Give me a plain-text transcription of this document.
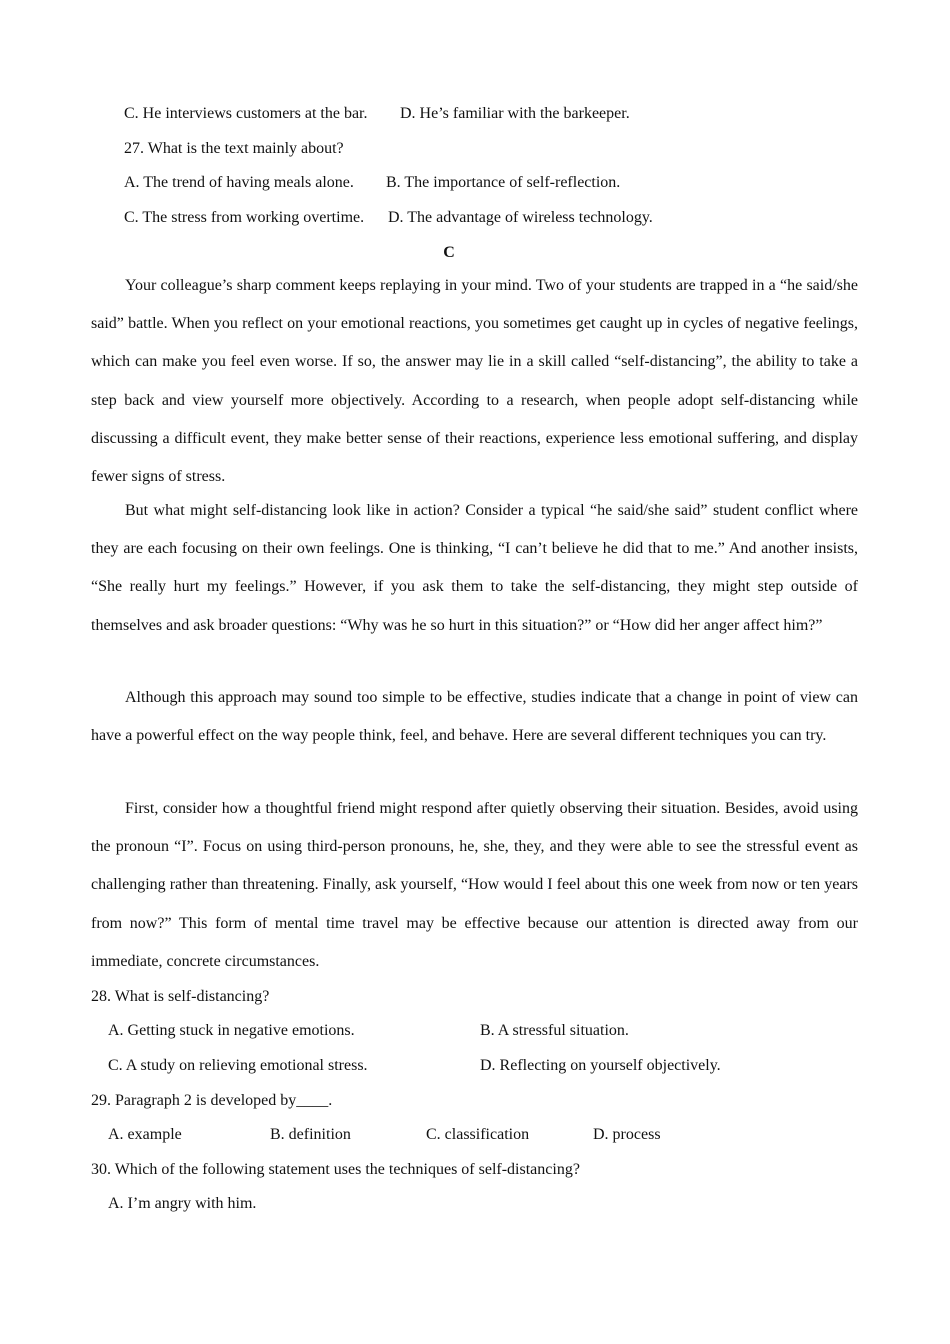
C. He interviews customers at the bar. D. He’s familiar with the barkeeper.
27. What is the text mainly about?
A. The trend of having meals alone. B. The importance of self-reflection.
C. The stress from working overtime. D. The advantage of wireless technology.
C

Your colleague’s sharp comment keeps replaying in your mind. Two of your students are trapped in a “he said/she said” battle. When you reflect on your emotional reactions, you sometimes get caught up in cycles of negative feelings, which can make you feel even worse. If so, the answer may lie in a skill called “self-distancing”, the ability to take a step back and view yourself more objectively. According to a research, when people adopt self-distancing while discussing a difficult event, they make better sense of their reactions, experience less emotional suffering, and display fewer signs of stress.

But what might self-distancing look like in action? Consider a typical “he said/she said” student conflict where they are each focusing on their own feelings. One is thinking, “I can’t believe he did that to me.” And another insists, “She really hurt my feelings.” However, if you ask them to take the self-distancing, they might step outside of themselves and ask broader questions: “Why was he so hurt in this situation?” or “How did her anger affect him?”

Although this approach may sound too simple to be effective, studies indicate that a change in point of view can have a powerful effect on the way people think, feel, and behave. Here are several different techniques you can try.

First, consider how a thoughtful friend might respond after quietly observing their situation. Besides, avoid using the pronoun “I”. Focus on using third-person pronouns, he, she, they, and they were able to see the stressful event as challenging rather than threatening. Finally, ask yourself, “How would I feel about this one week from now or ten years from now?” This form of mental time travel may be effective because our attention is directed away from our immediate, concrete circumstances.

28. What is self-distancing?
A. Getting stuck in negative emotions.	B. A stressful situation.
C. A study on relieving emotional stress.	D. Reflecting on yourself objectively.
29. Paragraph 2 is developed by____.
A. example	B. definition	C. classification	D. process
30. Which of the following statement uses the techniques of self-distancing?
A. I’m angry with him.
